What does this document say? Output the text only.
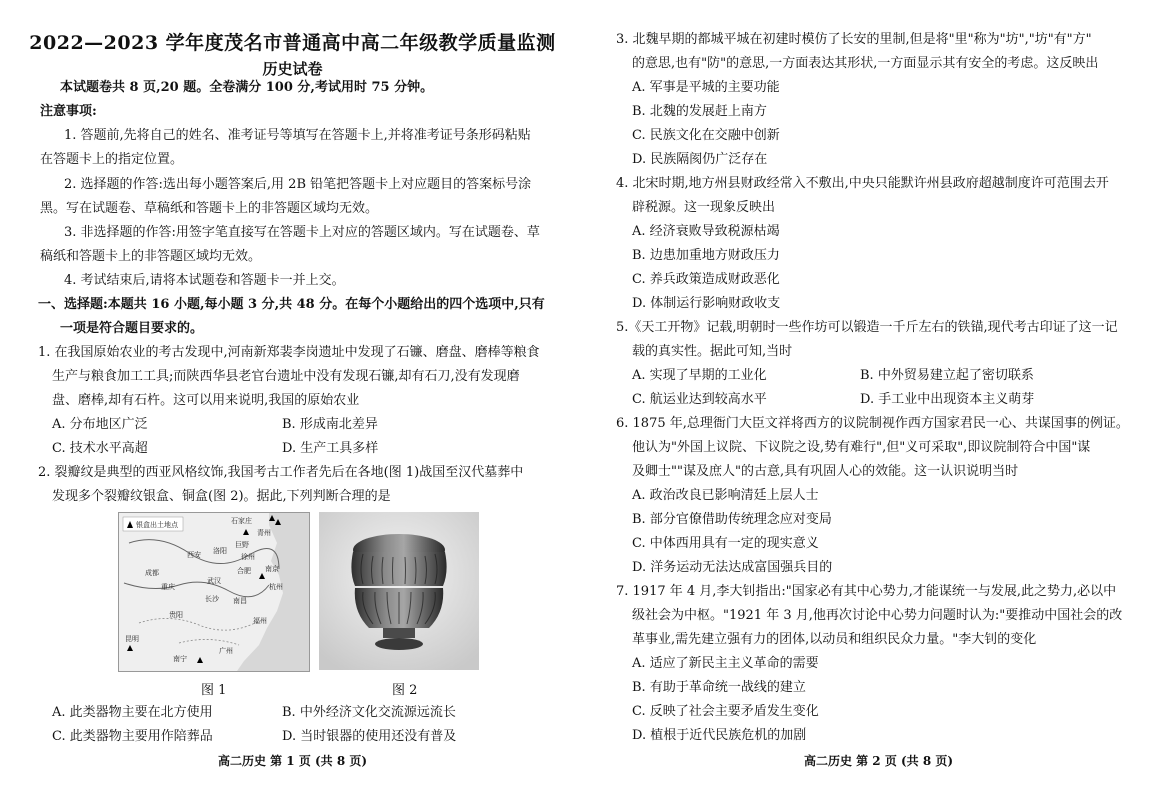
2022—2023 学年度茂名市普通高中高二年级教学质量监测
历史试卷
本试题卷共 8 页,20 题。全卷满分 100 分,考试用时 75 分钟。
注意事项:
1. 答题前,先将自己的姓名、准考证号等填写在答题卡上,并将准考证号条形码粘贴
在答题卡上的指定位置。
2. 选择题的作答:选出每小题答案后,用 2B 铅笔把答题卡上对应题目的答案标号涂
黑。写在试题卷、草稿纸和答题卡上的非答题区域均无效。
3. 非选择题的作答:用签字笔直接写在答题卡上对应的答题区域内。写在试题卷、草
稿纸和答题卡上的非答题区域均无效。
4. 考试结束后,请将本试题卷和答题卡一并上交。
一、选择题:本题共 16 小题,每小题 3 分,共 48 分。在每个小题给出的四个选项中,只有
一项是符合题目要求的。
1. 在我国原始农业的考古发现中,河南新郑裴李岗遗址中发现了石镰、磨盘、磨棒等粮食
生产与粮食加工工具;而陕西华县老官台遗址中没有发现石镰,却有石刀,没有发现磨
盘、磨棒,却有石杵。这可以用来说明,我国的原始农业
A. 分布地区广泛	B. 形成南北差异
C. 技术水平高超	D. 生产工具多样
2. 裂瓣纹是典型的西亚风格纹饰,我国考古工作者先后在各地(图 1)战国至汉代墓葬中
发现多个裂瓣纹银盒、铜盒(图 2)。据此,下列判断合理的是
银盒出土地点	石家庄
青州
巨野
西安 洛阳
徐州
成都
重庆
武汉
合肥 南京
杭州
长沙
贵阳
南昌
福州
昆明
南宁
广州
图 1	图 2
A. 此类器物主要在北方使用	B. 中外经济文化交流源远流长
C. 此类器物主要用作陪葬品	D. 当时银器的使用还没有普及
高二历史 第 1 页 (共 8 页)
3. 北魏早期的都城平城在初建时模仿了长安的里制,但是将"里"称为"坊","坊"有"方"
的意思,也有"防"的意思,一方面表达其形状,一方面显示其有安全的考虑。这反映出
A. 军事是平城的主要功能
B. 北魏的发展赶上南方
C. 民族文化在交融中创新
D. 民族隔阂仍广泛存在
4. 北宋时期,地方州县财政经常入不敷出,中央只能默许州县政府超越制度许可范围去开
辟税源。这一现象反映出
A. 经济衰败导致税源枯竭
B. 边患加重地方财政压力
C. 养兵政策造成财政恶化
D. 体制运行影响财政收支
5.《天工开物》记载,明朝时一些作坊可以锻造一千斤左右的铁锚,现代考古印证了这一记
载的真实性。据此可知,当时
A. 实现了早期的工业化	B. 中外贸易建立起了密切联系
C. 航运业达到较高水平	D. 手工业中出现资本主义萌芽
6. 1875 年,总理衙门大臣文祥将西方的议院制视作西方国家君民一心、共谋国事的例证。
他认为"外国上议院、下议院之设,势有难行",但"义可采取",即议院制符合中国"谋
及卿士""谋及庶人"的古意,具有巩固人心的效能。这一认识说明当时
A. 政治改良已影响清廷上层人士
B. 部分官僚借助传统理念应对变局
C. 中体西用具有一定的现实意义
D. 洋务运动无法达成富国强兵目的
7. 1917 年 4 月,李大钊指出:"国家必有其中心势力,才能谋统一与发展,此之势力,必以中
级社会为中枢。"1921 年 3 月,他再次讨论中心势力问题时认为:"要推动中国社会的改
革事业,需先建立强有力的团体,以动员和组织民众力量。"李大钊的变化
A. 适应了新民主主义革命的需要
B. 有助于革命统一战线的建立
C. 反映了社会主要矛盾发生变化
D. 植根于近代民族危机的加剧
高二历史 第 2 页 (共 8 页)
